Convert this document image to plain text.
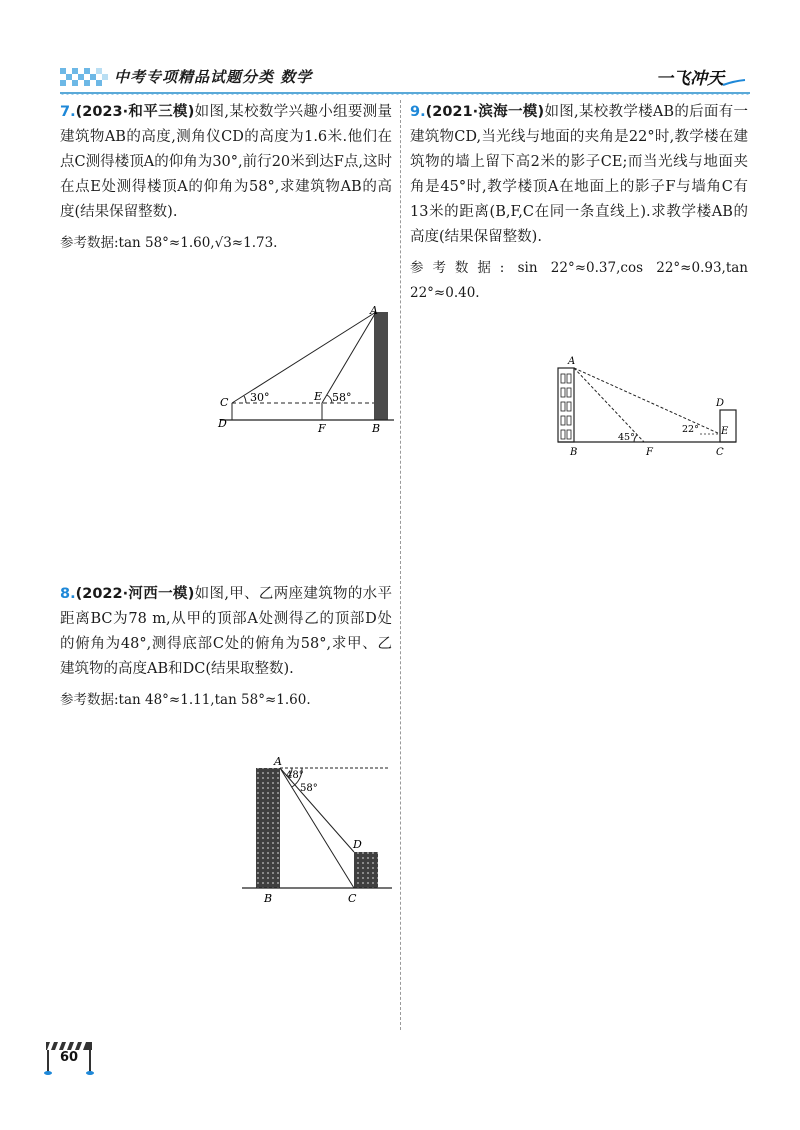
中考专项精品试题分类 数学	一飞冲天
7.(2023·和平三模)如图,某校数学兴趣小组要测量建筑物AB的高度,测角仪CD的高度为1.6米.他们在点C测得楼顶A的仰角为30°,前行20米到达F点,这时在点E处测得楼顶A的仰角为58°,求建筑物AB的高度(结果保留整数).
参考数据:tan 58°≈1.60,√3≈1.73.
A
B
C
D
E
F
30°	58°
8.(2022·河西一模)如图,甲、乙两座建筑物的水平距离BC为78 m,从甲的顶部A处测得乙的顶部D处的俯角为48°,测得底部C处的俯角为58°,求甲、乙建筑物的高度AB和DC(结果取整数).
参考数据:tan 48°≈1.11,tan 58°≈1.60.
A
B	C
D
48°
58°
9.(2021·滨海一模)如图,某校教学楼AB的后面有一建筑物CD,当光线与地面的夹角是22°时,教学楼在建筑物的墙上留下高2米的影子CE;而当光线与地面夹角是45°时,教学楼顶A在地面上的影子F与墙角C有13米的距离(B,F,C在同一条直线上).求教学楼AB的高度(结果保留整数).
参考数据: sin 22°≈0.37,cos 22°≈0.93,tan 22°≈0.40.
A
B	C
D
E
F
45°
22°
60
